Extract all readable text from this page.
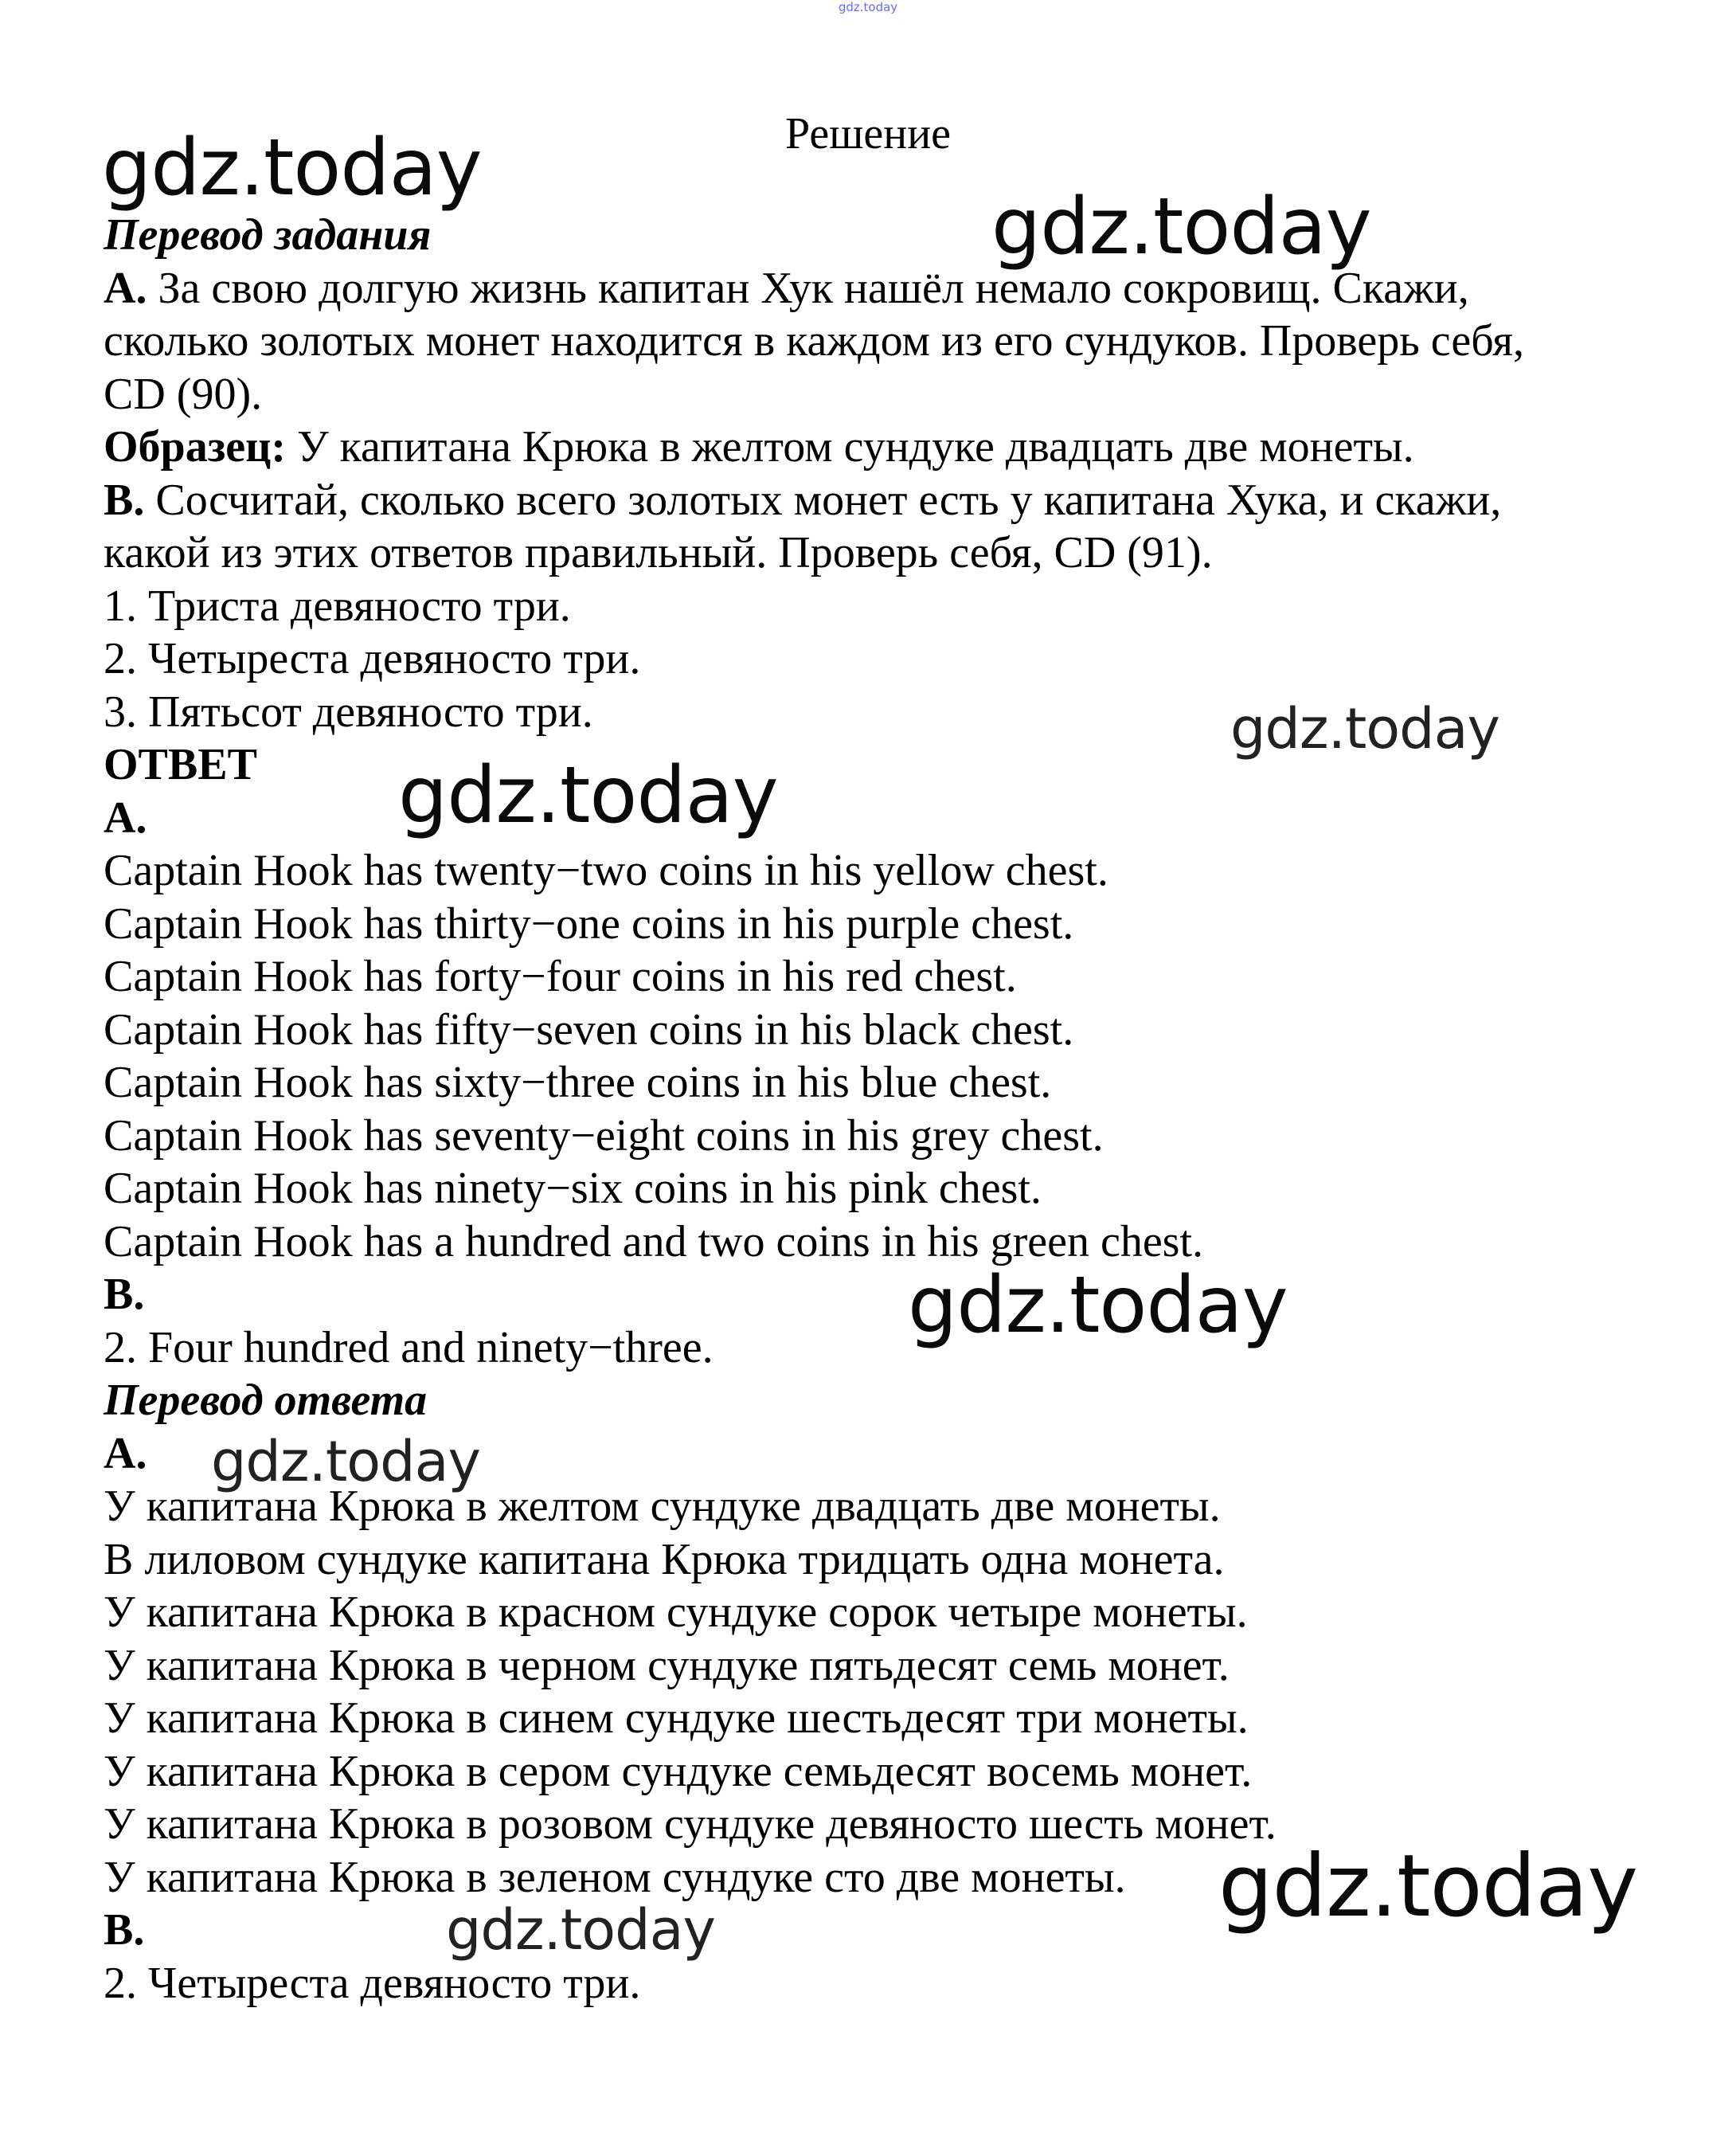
gdz.today
Решение

Перевод задания

А. За свою долгую жизнь капитан Хук нашёл немало сокровищ. Скажи,

сколько золотых монет находится в каждом из его сундуков. Проверь себя,

CD (90).

Образец: У капитана Крюка в желтом сундуке двадцать две монеты.

В. Сосчитай, сколько всего золотых монет есть у капитана Хука, и скажи,

какой из этих ответов правильный. Проверь себя, CD (91).

1. Триста девяносто три.

2. Четыреста девяносто три.

3. Пятьсот девяносто три.

ОТВЕТ

A.

Captain Hook has twenty−two coins in his yellow chest.

Captain Hook has thirty−one coins in his purple chest.

Captain Hook has forty−four coins in his red chest.

Captain Hook has fifty−seven coins in his black chest.

Captain Hook has sixty−three coins in his blue chest.

Captain Hook has seventy−eight coins in his grey chest.

Captain Hook has ninety−six coins in his pink chest.

Captain Hook has a hundred and two coins in his green chest.

B.

2. Four hundred and ninety−three.

Перевод ответа

А.

У капитана Крюка в желтом сундуке двадцать две монеты.

В лиловом сундуке капитана Крюка тридцать одна монета.

У капитана Крюка в красном сундуке сорок четыре монеты.

У капитана Крюка в черном сундуке пятьдесят семь монет.

У капитана Крюка в синем сундуке шестьдесят три монеты.

У капитана Крюка в сером сундуке семьдесят восемь монет.

У капитана Крюка в розовом сундуке девяносто шесть монет.

У капитана Крюка в зеленом сундуке сто две монеты.

В.

2. Четыреста девяносто три.

gdz.today
gdz.today
gdz.today
gdz.today
gdz.today
gdz.today
gdz.today
gdz.today
